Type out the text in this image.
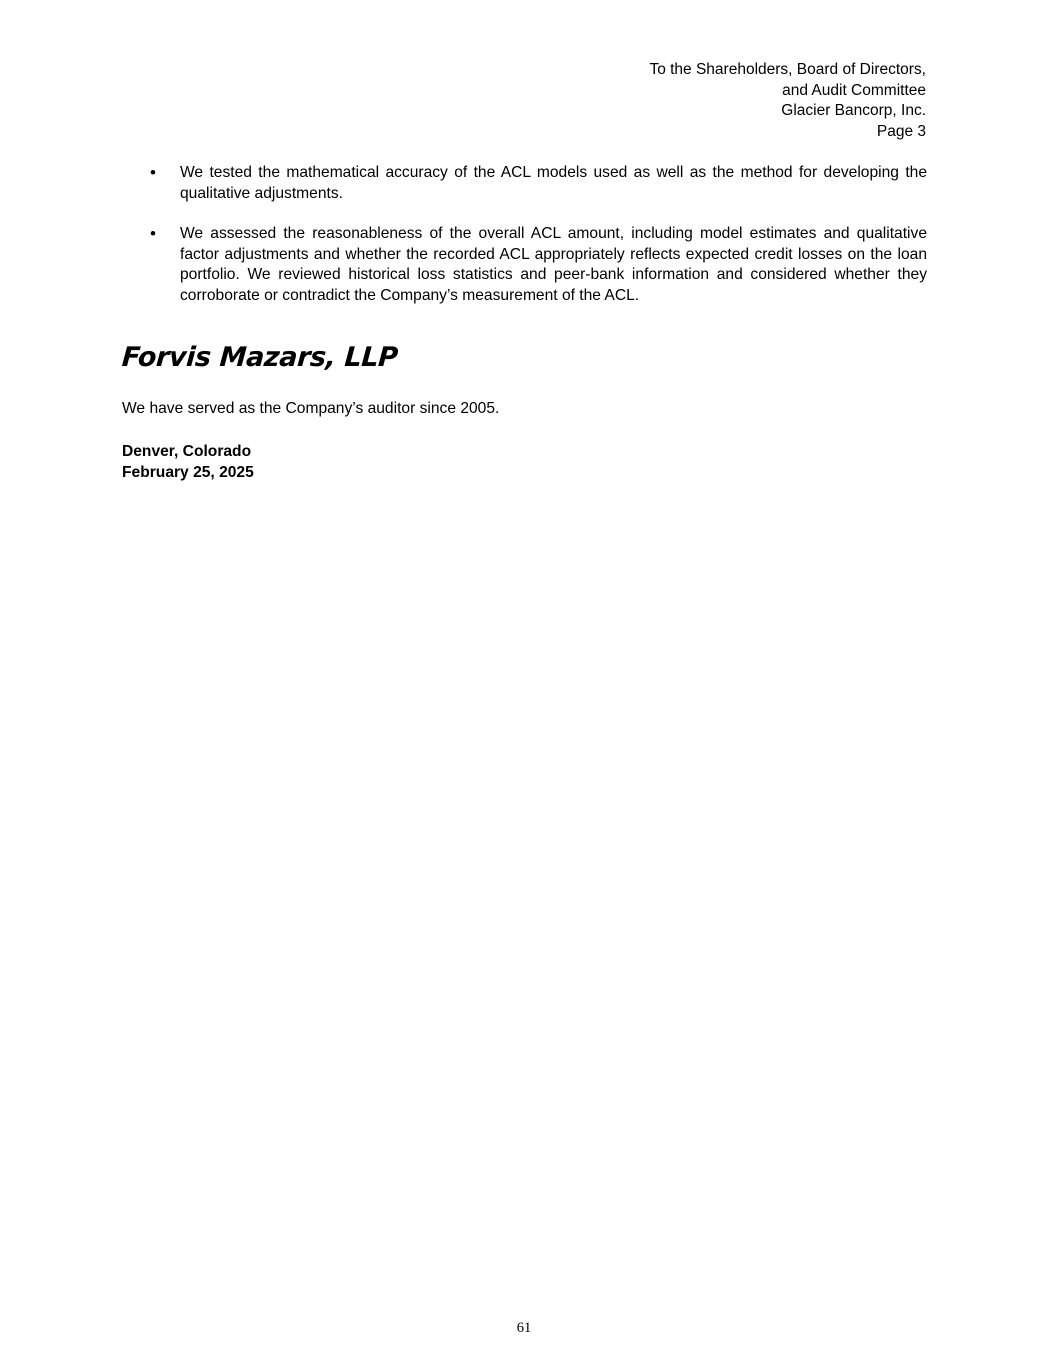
To the Shareholders, Board of Directors,
and Audit Committee
Glacier Bancorp, Inc.
Page 3
•	We tested the mathematical accuracy of the ACL models used as well as the method for developing the qualitative adjustments.
•	We assessed the reasonableness of the overall ACL amount, including model estimates and qualitative factor adjustments and whether the recorded ACL appropriately reflects expected credit losses on the loan portfolio. We reviewed historical loss statistics and peer-bank information and considered whether they corroborate or contradict the Company’s measurement of the ACL.
Forvis Mazars, LLP
We have served as the Company’s auditor since 2005.
Denver, Colorado
February 25, 2025
61
